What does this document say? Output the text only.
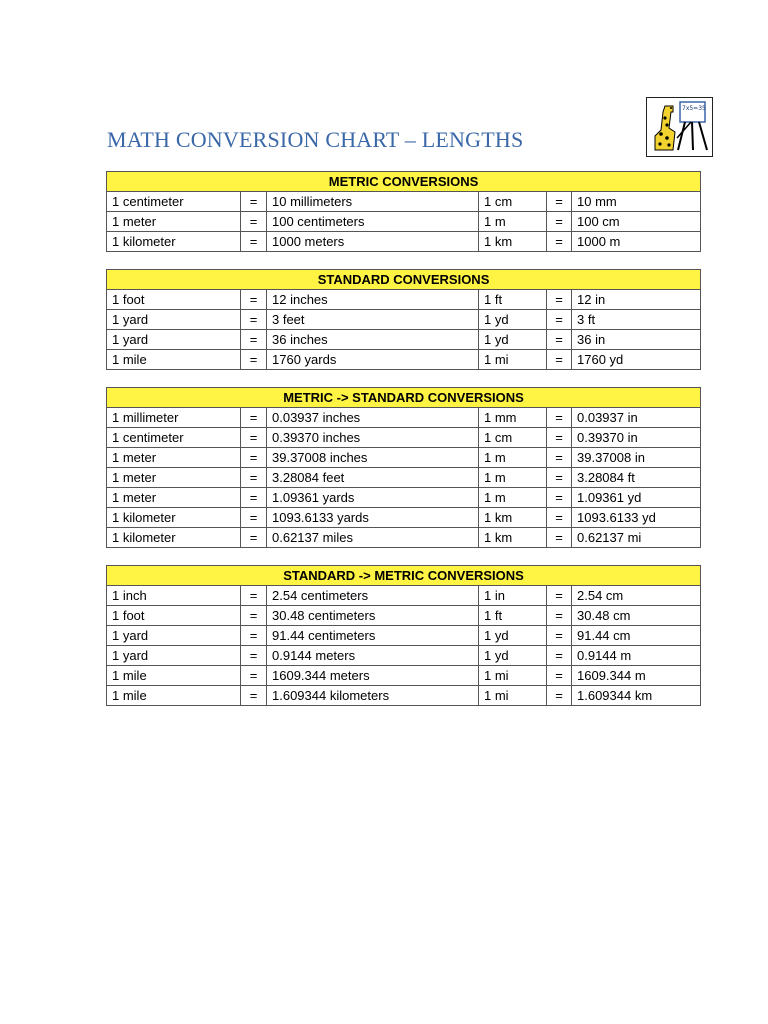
MATH CONVERSION CHART – LENGTHS
7x5=35
METRIC CONVERSIONS					
1 centimeter	=	10 millimeters	1 cm	=	10 mm
1 meter	=	100 centimeters	1 m	=	100 cm
1 kilometer	=	1000 meters	1 km	=	1000 m
STANDARD CONVERSIONS					
1 foot	=	12 inches	1 ft	=	12 in
1 yard	=	3 feet	1 yd	=	3 ft
1 yard	=	36 inches	1 yd	=	36 in
1 mile	=	1760 yards	1 mi	=	1760 yd
METRIC -> STANDARD CONVERSIONS					
1 millimeter	=	0.03937 inches	1 mm	=	0.03937 in
1 centimeter	=	0.39370 inches	1 cm	=	0.39370 in
1 meter	=	39.37008 inches	1 m	=	39.37008 in
1 meter	=	3.28084 feet	1 m	=	3.28084 ft
1 meter	=	1.09361 yards	1 m	=	1.09361 yd
1 kilometer	=	1093.6133 yards	1 km	=	1093.6133 yd
1 kilometer	=	0.62137 miles	1 km	=	0.62137 mi
STANDARD -> METRIC CONVERSIONS					
1 inch	=	2.54 centimeters	1 in	=	2.54 cm
1 foot	=	30.48 centimeters	1 ft	=	30.48 cm
1 yard	=	91.44 centimeters	1 yd	=	91.44 cm
1 yard	=	0.9144 meters	1 yd	=	0.9144 m
1 mile	=	1609.344 meters	1 mi	=	1609.344 m
1 mile	=	1.609344 kilometers	1 mi	=	1.609344 km
